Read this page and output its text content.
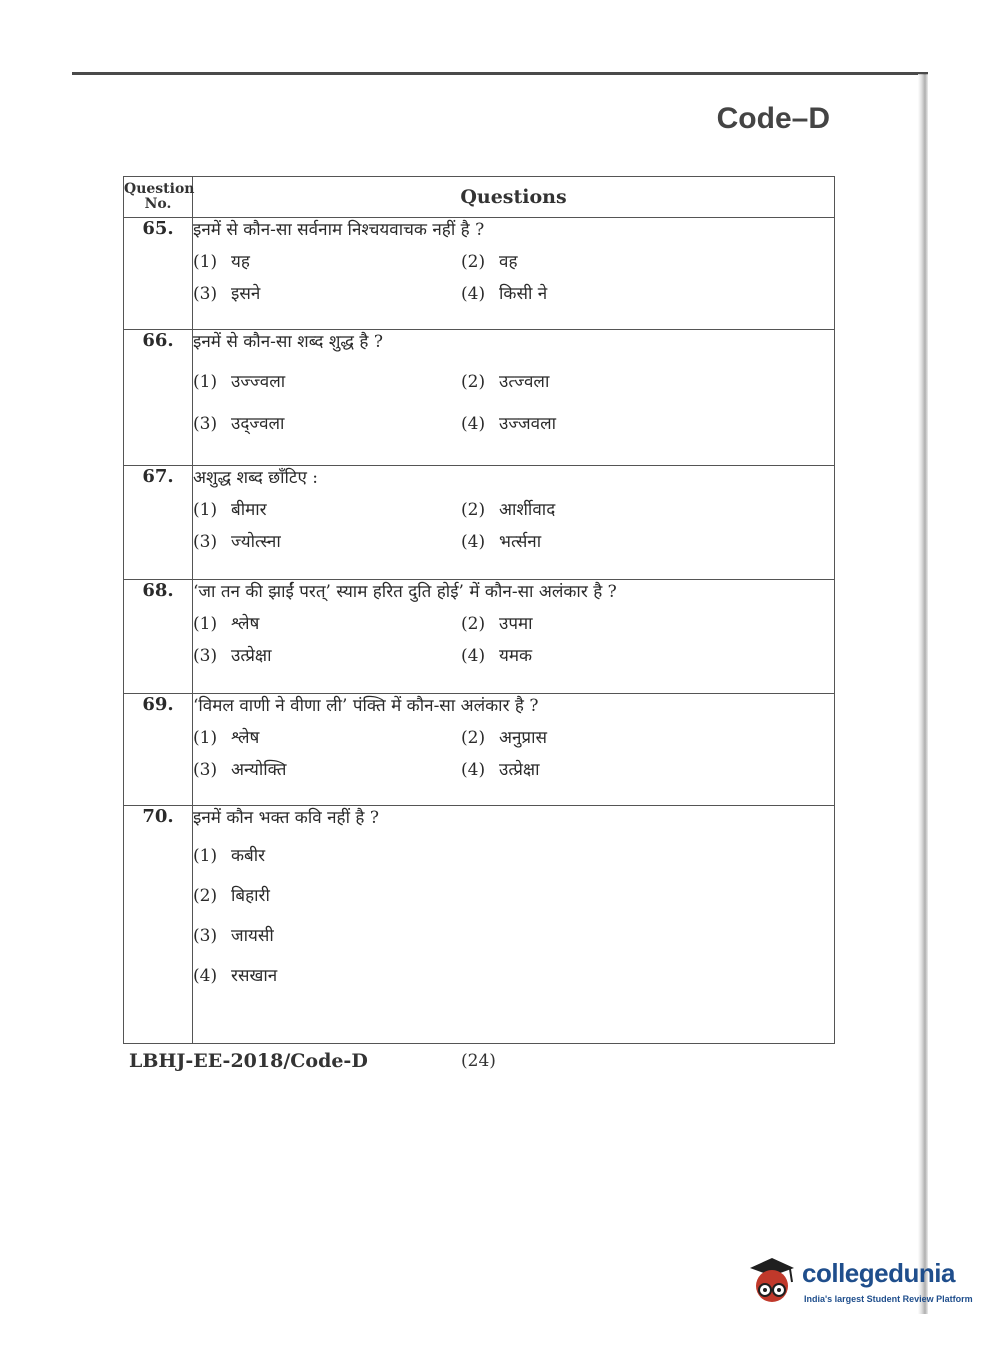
Code–D
Question No.	Questions
65.	इनमें से कौन-सा सर्वनाम निश्चयवाचक नहीं है ?

(1) यह (2) वह
(3) इसने (4) किसी ने

66.	इनमें से कौन-सा शब्द शुद्ध है ?

(1) उज्ज्वला (2) उत्ज्वला
(3) उद्ज्वला (4) उज्जवला

67.	अशुद्ध शब्द छाँटिए :

(1) बीमार (2) आर्शीवाद
(3) ज्योत्स्ना (4) भर्त्सना

68.	‘जा तन की झाईं परत्’ स्याम हरित दुति होई’ में कौन-सा अलंकार है ?

(1) श्लेष (2) उपमा
(3) उत्प्रेक्षा (4) यमक

69.	‘विमल वाणी ने वीणा ली’ पंक्ति में कौन-सा अलंकार है ?

(1) श्लेष (2) अनुप्रास
(3) अन्योक्ति (4) उत्प्रेक्षा

70.	इनमें कौन भक्त कवि नहीं है ?

(1) कबीर
(2) बिहारी
(3) जायसी
(4) रसखान
LBHJ-EE-2018/Code-D	(24)
collegedunia
India's largest Student Review Platform
